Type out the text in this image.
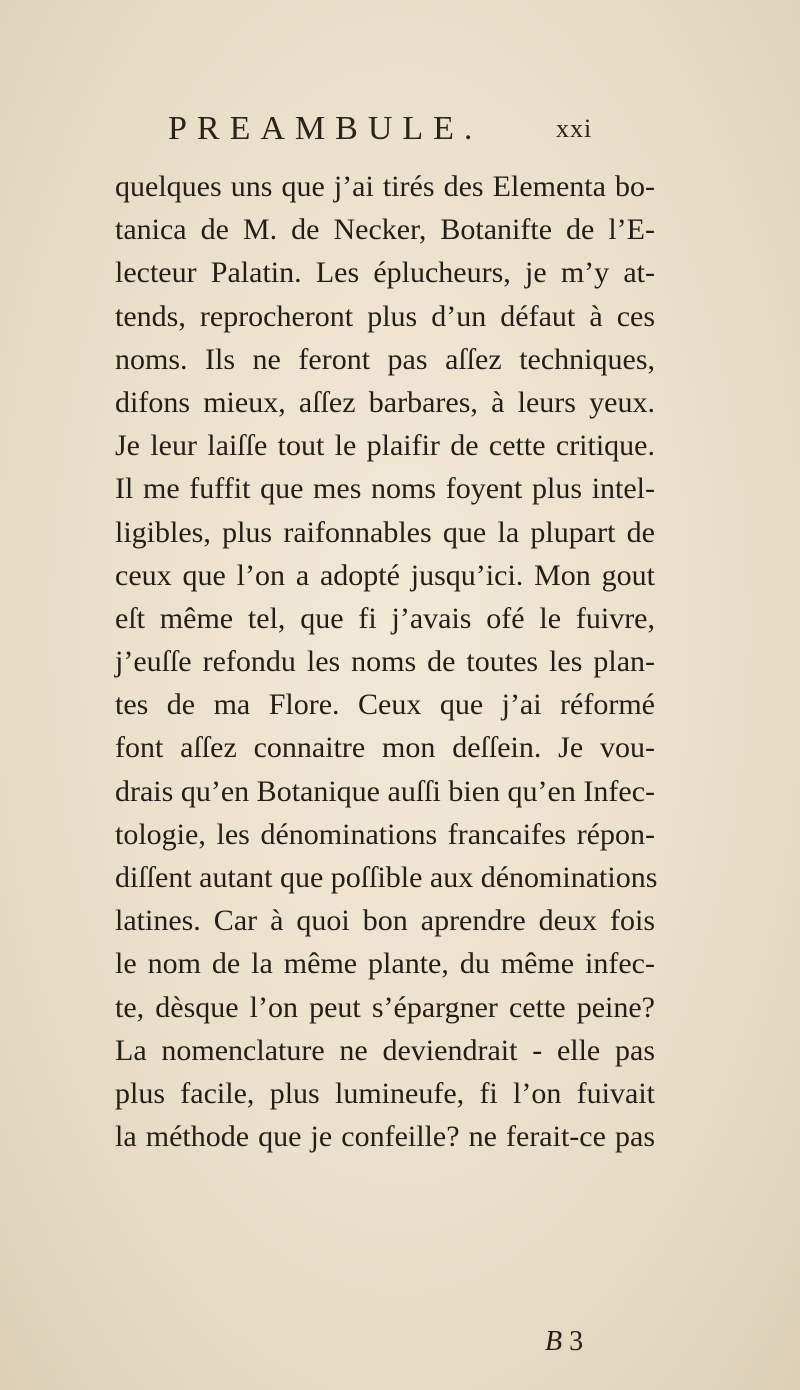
PREAMBULE.	xxi
quelques uns que j’ai tirés des Elementa bo-
tanica de M. de Necker, Botanifte de l’E-
lecteur Palatin. Les éplucheurs, je m’y at-
tends, reprocheront plus d’un défaut à ces
noms. Ils ne feront pas aſſez techniques,
difons mieux, aſſez barbares, à leurs yeux.
Je leur laiſſe tout le plaifir de cette critique.
Il me fuffit que mes noms foyent plus intel-
ligibles, plus raifonnables que la plupart de
ceux que l’on a adopté jusqu’ici. Mon gout
eſt même tel, que fi j’avais ofé le fuivre,
j’euſſe refondu les noms de toutes les plan-
tes de ma Flore. Ceux que j’ai réformé
font aſſez connaitre mon deſſein. Je vou-
drais qu’en Botanique auſſi bien qu’en Infec-
tologie, les dénominations francaifes répon-
diſſent autant que poſſible aux dénominations
latines. Car à quoi bon aprendre deux fois
le nom de la même plante, du même infec-
te, dèsque l’on peut s’épargner cette peine?
La nomenclature ne deviendrait - elle pas
plus facile, plus lumineufe, fi l’on fuivait
la méthode que je confeille? ne ferait-ce pas
B 3
